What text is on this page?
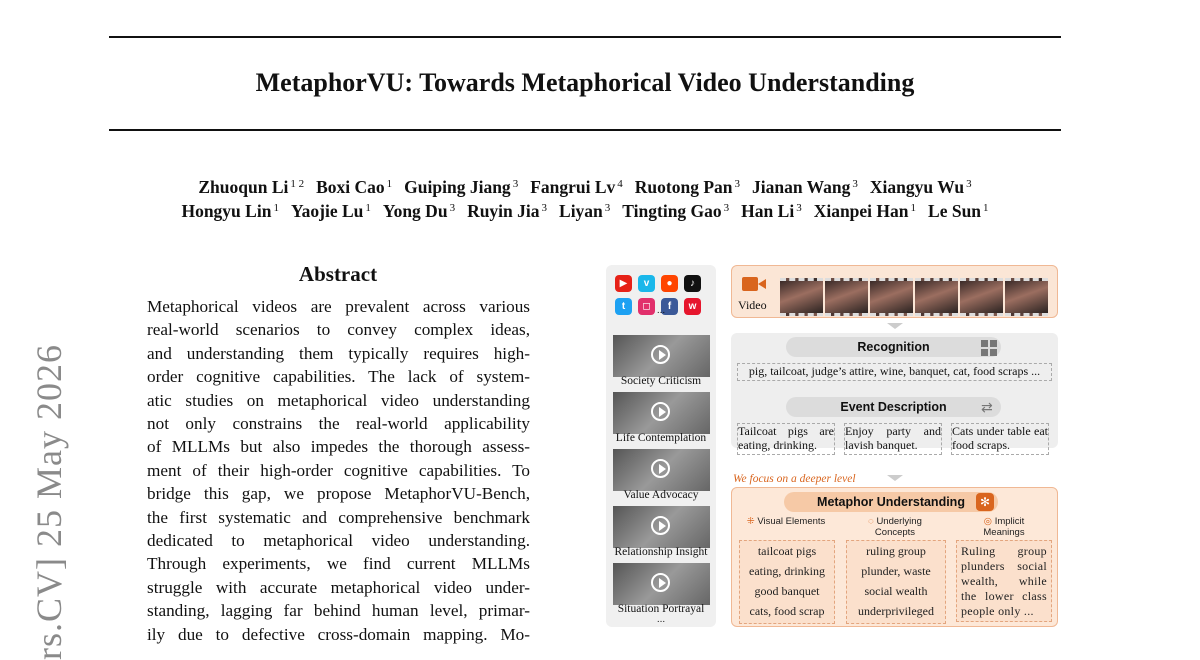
MetaphorVU: Towards Metaphorical Video Understanding
Zhuoqun Li $^{1 2}$ Boxi Cao $^1$ Guiping Jiang $^3$ Fangrui Lv $^4$ Ruotong Pan $^3$ Jianan Wang $^3$ Xiangyu Wu $^3$
Hongyu Lin $^1$ Yaojie Lu $^1$ Yong Du $^3$ Ruyin Jia $^3$ Liyan $^3$ Tingting Gao $^3$ Han Li $^3$ Xianpei Han $^1$ Le Sun $^1$
rs.CV] 25 May 2026
Abstract
Metaphorical videos are prevalent across various
real-world scenarios to convey complex ideas,
and understanding them typically requires high-
order cognitive capabilities. The lack of system-
atic studies on metaphorical video understanding
not only constrains the real-world applicability
of MLLMs but also impedes the thorough assess-
ment of their high-order cognitive capabilities. To
bridge this gap, we propose MetaphorVU-Bench,
the first systematic and comprehensive benchmark
dedicated to metaphorical video understanding.
Through experiments, we find current MLLMs
struggle with accurate metaphorical video under-
standing, lagging far behind human level, primar-
ily due to defective cross-domain mapping. Mo-
▶ v ● ♪t ◻ f w
...
Society Criticism
Life Contemplation
Value Advocacy
Relationship Insight
Situation Portrayal
...
Video
Recognition
pig, tailcoat, judge’s attire, wine, banquet, cat, food scraps ...
Event Description	⇄
Tailcoat pigs are eating, drinking.
Enjoy party and lavish banquet.
Cats under table eat food scraps.
We focus on a deeper level
Metaphor Understanding	✻
⁜ Visual Elements	◌ Underlying Concepts
◎ Implicit Meanings
tailcoat pigs
eating, drinking
good banquet
cats, food scrap
ruling group
plunder, waste
social wealth
underprivileged
Ruling group plunders social wealth, while the lower class people only ...
